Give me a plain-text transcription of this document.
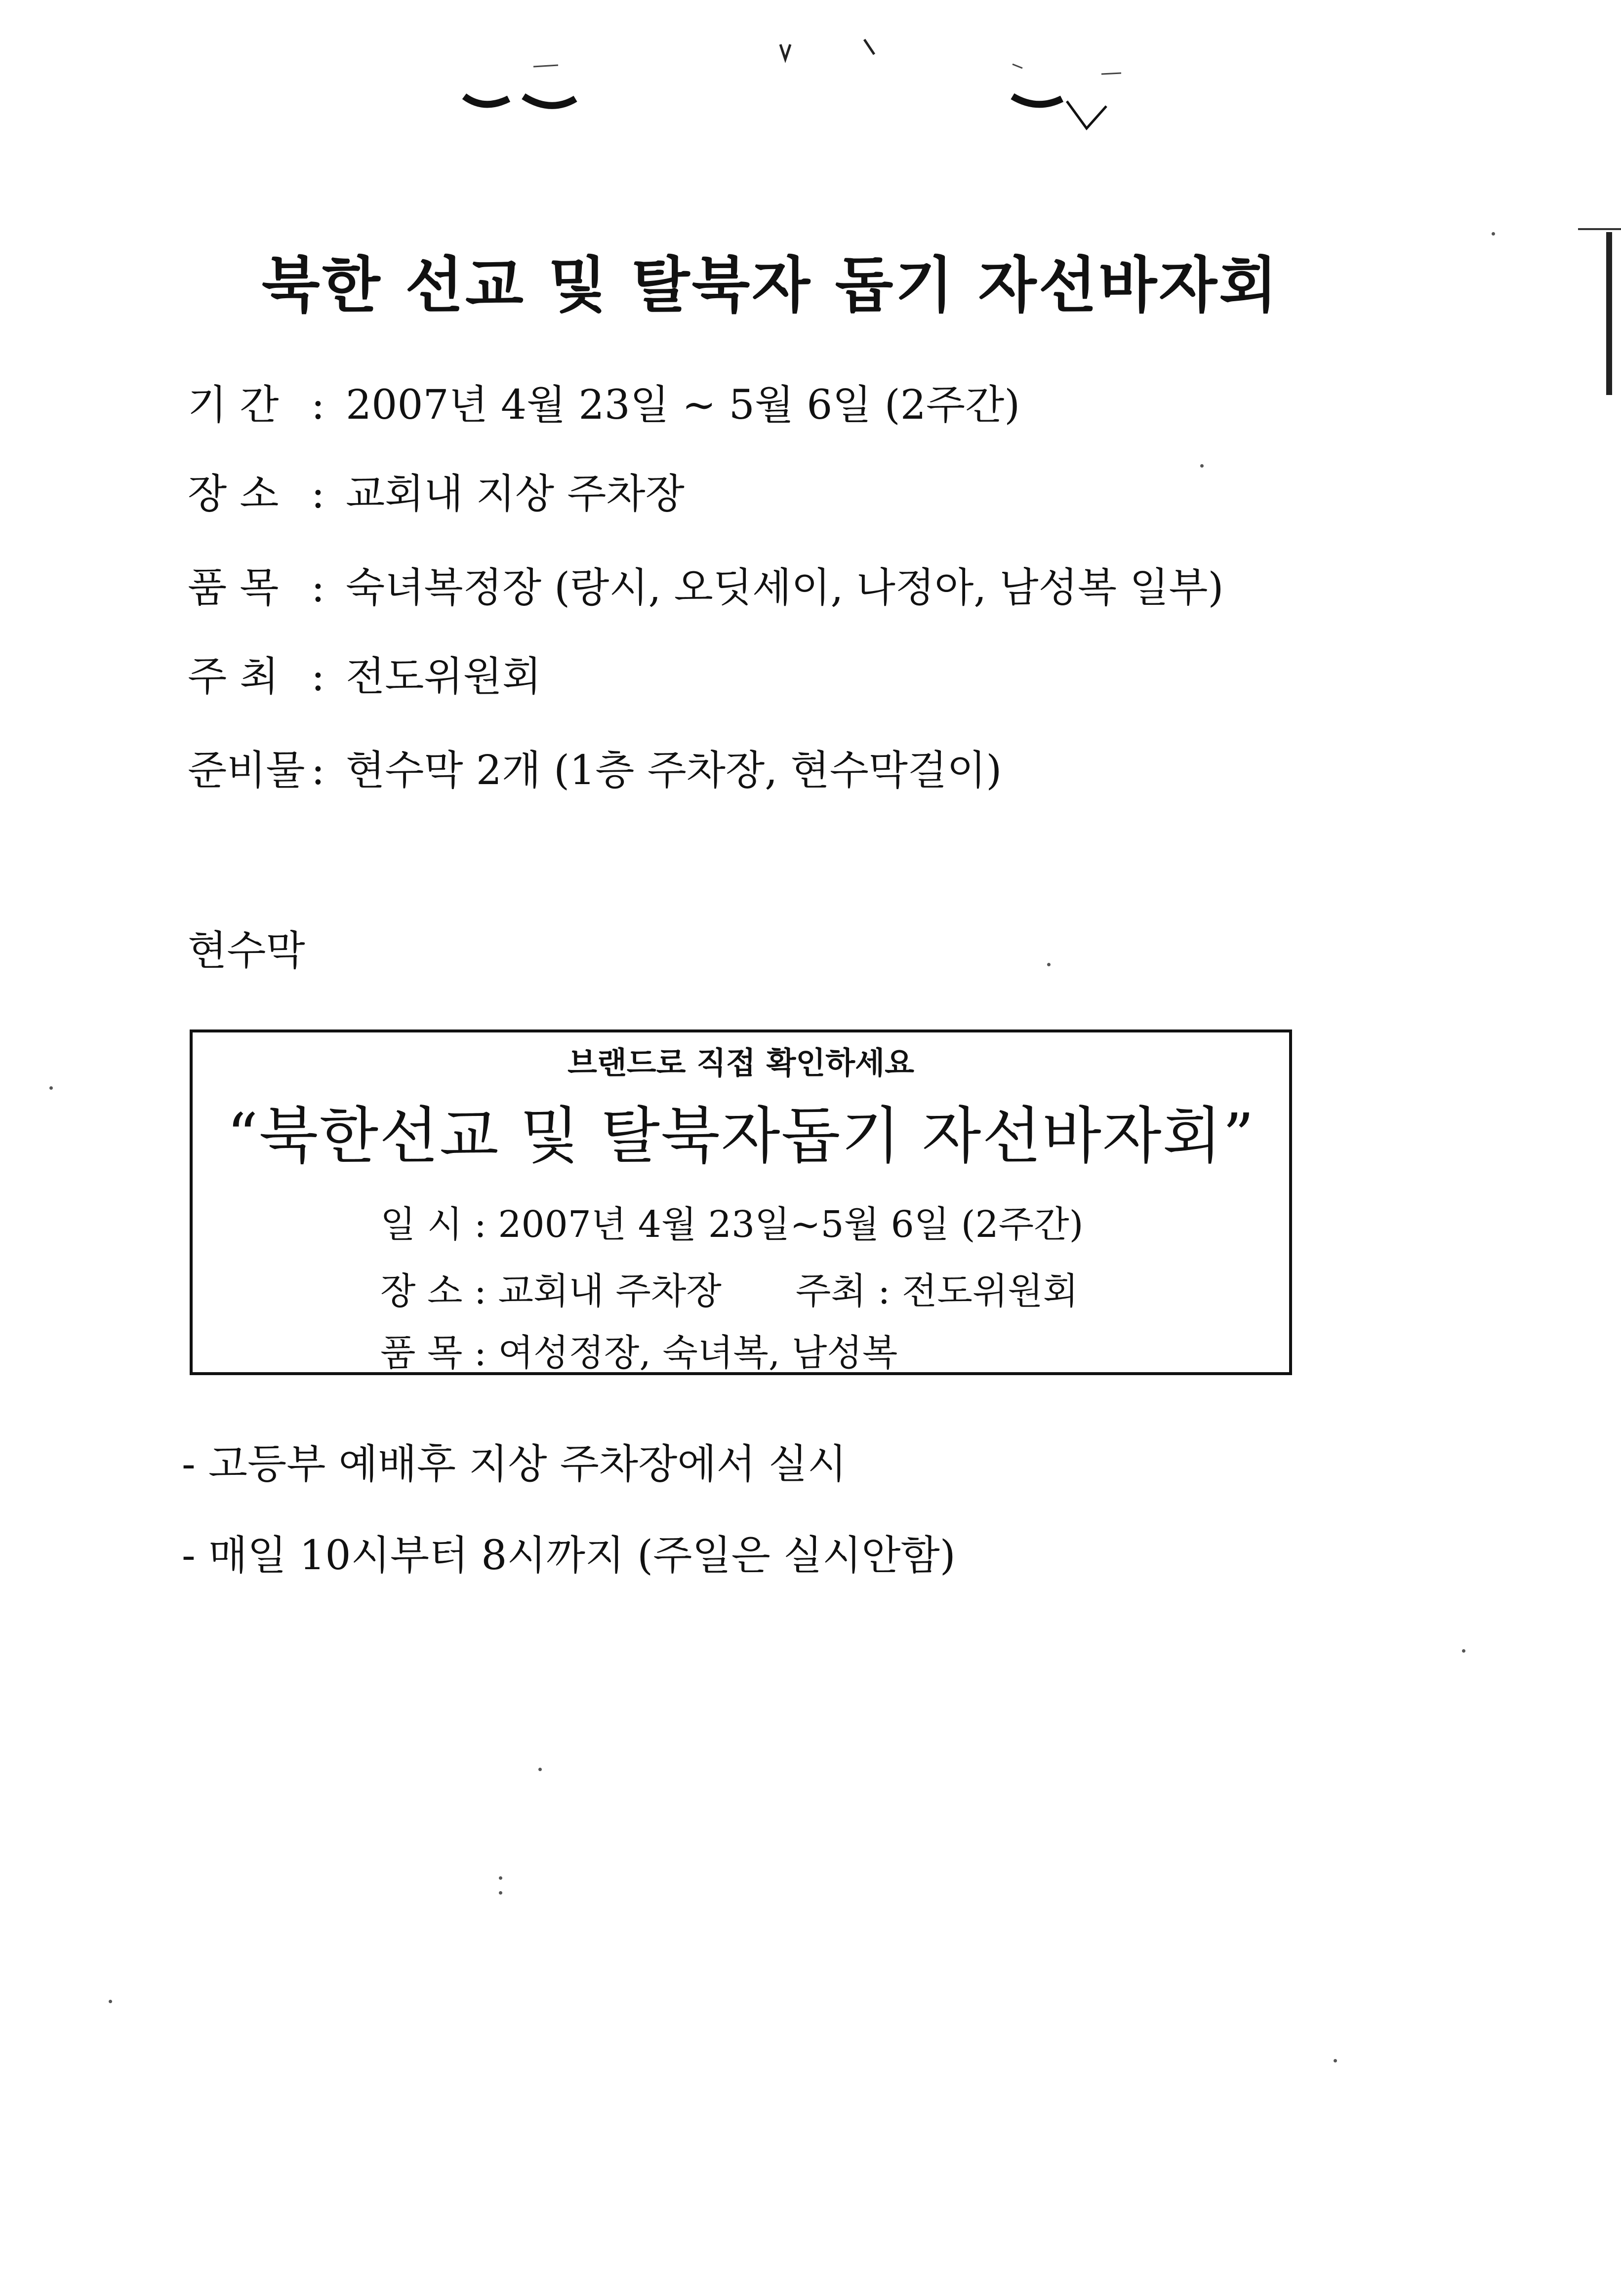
북한 선교 및 탈북자 돕기 자선바자회
기 간 : 2007년 4월 23일 ~ 5월 6일 (2주간)
장 소 : 교회내 지상 주차장
품 목 : 숙녀복정장 (랑시, 오딧세이, 나정아, 남성복 일부)
주 최 : 전도위원회
준비물 : 현수막 2개 (1층 주차장, 현수막걸이)
현수막
브랜드로 직접 확인하세요
“북한선교 및 탈북자돕기 자선바자회”
일 시 : 2007년 4월 23일~5월 6일 (2주간)
장 소 : 교회내 주차장 주최 : 전도위원회
품 목 : 여성정장, 숙녀복, 남성복
- 고등부 예배후 지상 주차장에서 실시
- 매일 10시부터 8시까지 (주일은 실시안함)
